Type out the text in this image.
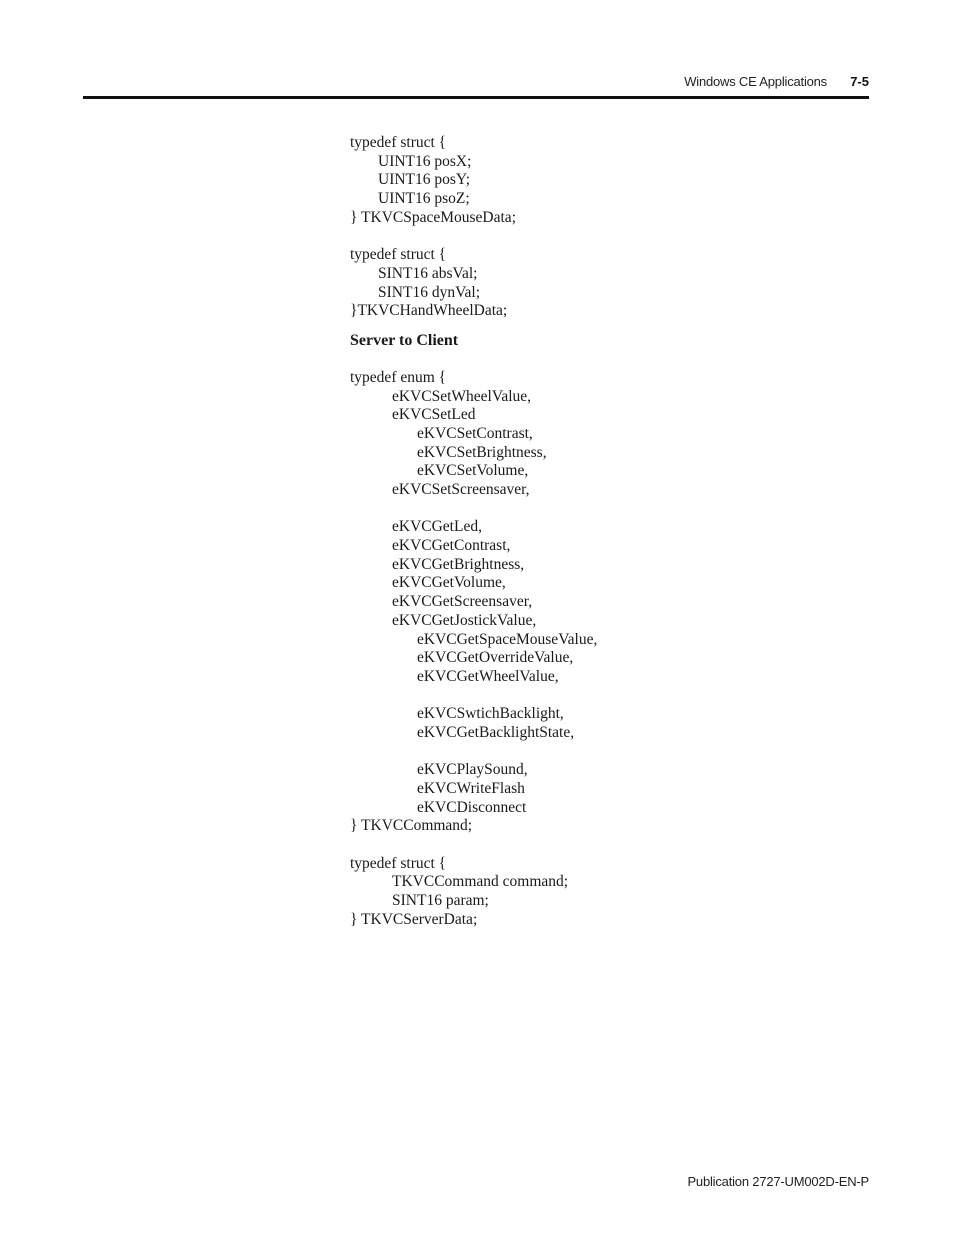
Windows CE Applications 7-5
typedef struct {
UINT16 posX;
UINT16 posY;
UINT16 psoZ;
} TKVCSpaceMouseData;
typedef struct {
SINT16 absVal;
SINT16 dynVal;
}TKVCHandWheelData;
Server to Client
typedef enum {
eKVCSetWheelValue,
eKVCSetLed
eKVCSetContrast,
eKVCSetBrightness,
eKVCSetVolume,
eKVCSetScreensaver,
eKVCGetLed,
eKVCGetContrast,
eKVCGetBrightness,
eKVCGetVolume,
eKVCGetScreensaver,
eKVCGetJostickValue,
eKVCGetSpaceMouseValue,
eKVCGetOverrideValue,
eKVCGetWheelValue,
eKVCSwtichBacklight,
eKVCGetBacklightState,
eKVCPlaySound,
eKVCWriteFlash
eKVCDisconnect
} TKVCCommand;
typedef struct {
TKVCCommand command;
SINT16 param;
} TKVCServerData;
Publication 2727-UM002D-EN-P
